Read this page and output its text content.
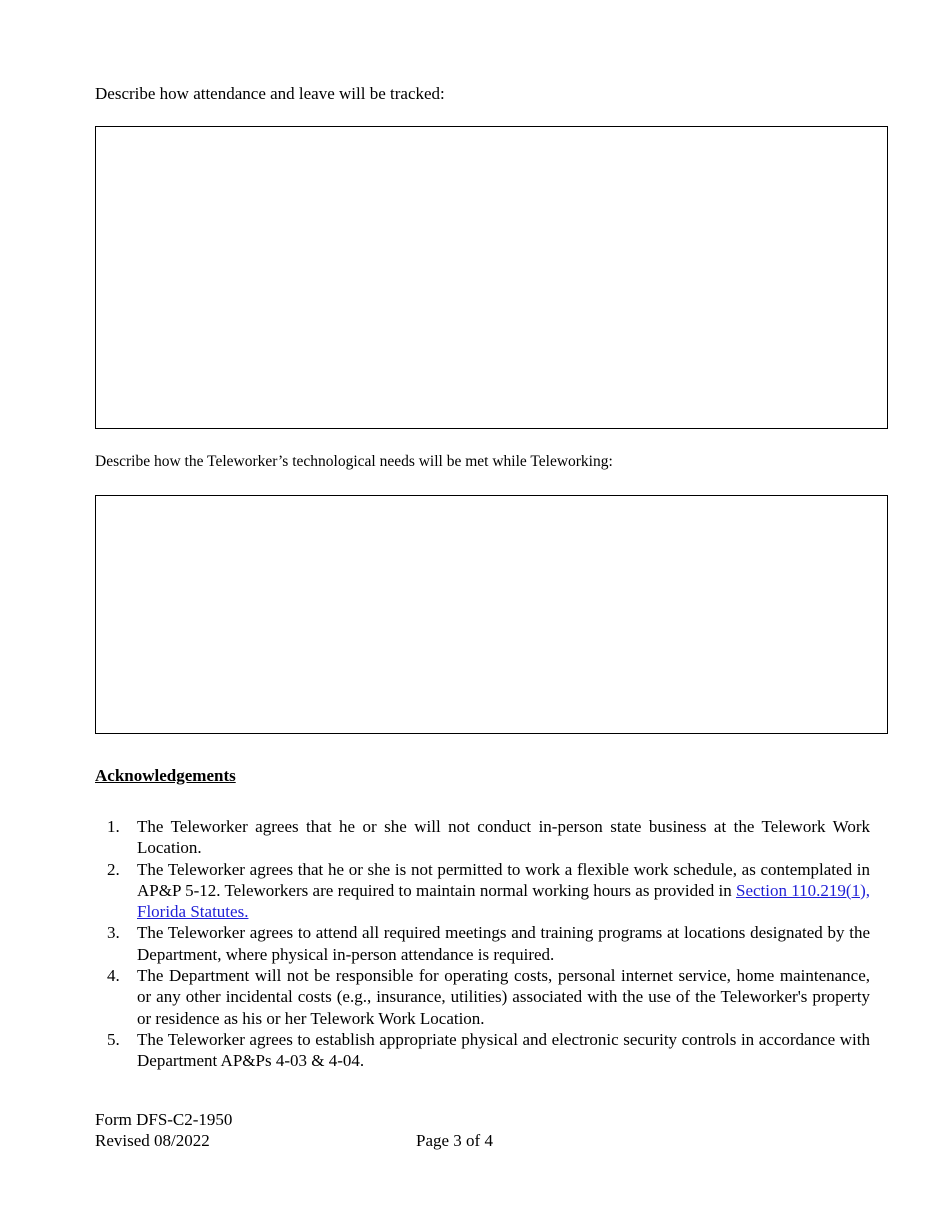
Describe how attendance and leave will be tracked:
Describe how the Teleworker’s technological needs will be met while Teleworking:
Acknowledgements
1. The Teleworker agrees that he or she will not conduct in-person state business at the Telework Work Location.
2. The Teleworker agrees that he or she is not permitted to work a flexible work schedule, as contemplated in AP&P 5-12. Teleworkers are required to maintain normal working hours as provided in Section 110.219(1), Florida Statutes.
3. The Teleworker agrees to attend all required meetings and training programs at locations designated by the Department, where physical in-person attendance is required.
4. The Department will not be responsible for operating costs, personal internet service, home maintenance, or any other incidental costs (e.g., insurance, utilities) associated with the use of the Teleworker's property or residence as his or her Telework Work Location.
5. The Teleworker agrees to establish appropriate physical and electronic security controls in accordance with Department AP&Ps 4-03 & 4-04.
Form DFS-C2-1950
Revised 08/2022	Page 3 of 4
